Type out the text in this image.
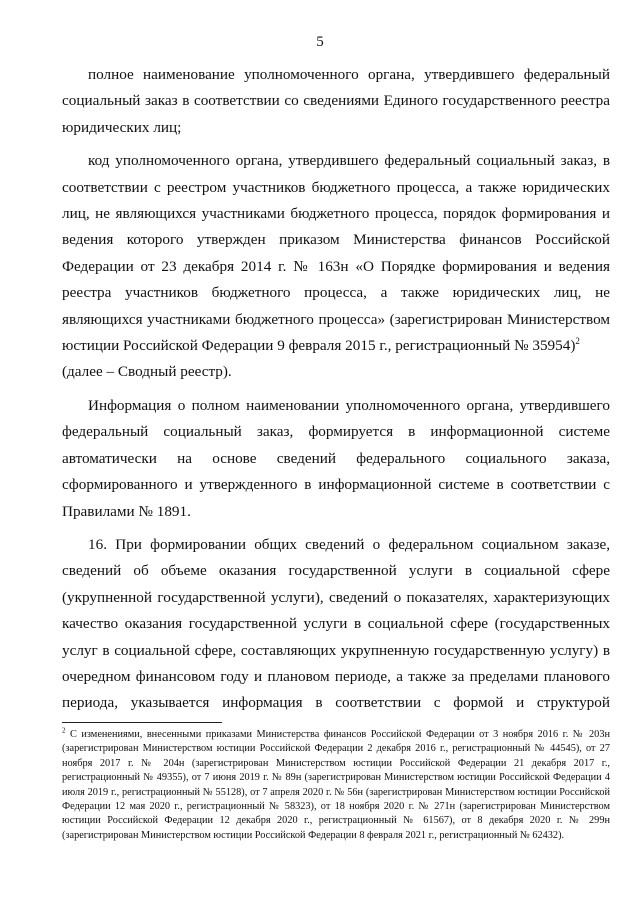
5

полное наименование уполномоченного органа, утвердившего федеральный социальный заказ в соответствии со сведениями Единого государственного реестра юридических лиц;

код уполномоченного органа, утвердившего федеральный социальный заказ, в соответствии с реестром участников бюджетного процесса, а также юридических лиц, не являющихся участниками бюджетного процесса, порядок формирования и ведения которого утвержден приказом Министерства финансов Российской Федерации от 23 декабря 2014 г. № 163н «О Порядке формирования и ведения реестра участников бюджетного процесса, а также юридических лиц, не являющихся участниками бюджетного процесса» (зарегистрирован Министерством юстиции Российской Федерации 9 февраля 2015 г., регистрационный № 35954)$^2$
(далее – Сводный реестр).

Информация о полном наименовании уполномоченного органа, утвердившего федеральный социальный заказ, формируется в информационной системе автоматически на основе сведений федерального социального заказа, сформированного и утвержденного в информационной системе в соответствии с Правилами № 1891.

16. При формировании общих сведений о федеральном социальном заказе, сведений об объеме оказания государственной услуги в социальной сфере (укрупненной государственной услуги), сведений о показателях, характеризующих качество оказания государственной услуги в социальной сфере (государственных услуг в социальной сфере, составляющих укрупненную государственную услугу) в очередном финансовом году и плановом периоде, а также за пределами планового периода, указывается информация в соответствии с формой и структурой

$^2$ С изменениями, внесенными приказами Министерства финансов Российской Федерации от 3 ноября 2016 г. № 203н (зарегистрирован Министерством юстиции Российской Федерации 2 декабря 2016 г., регистрационный № 44545), от 27 ноября 2017 г. № 204н (зарегистрирован Министерством юстиции Российской Федерации 21 декабря 2017 г., регистрационный № 49355), от 7 июня 2019 г. № 89н (зарегистрирован Министерством юстиции Российской Федерации 4 июля 2019 г., регистрационный № 55128), от 7 апреля 2020 г. № 56н (зарегистрирован Министерством юстиции Российской Федерации 12 мая 2020 г., регистрационный № 58323), от 18 ноября 2020 г. № 271н (зарегистрирован Министерством юстиции Российской Федерации 12 декабря 2020 г., регистрационный № 61567), от 8 декабря 2020 г. № 299н (зарегистрирован Министерством юстиции Российской Федерации 8 февраля 2021 г., регистрационный № 62432).
